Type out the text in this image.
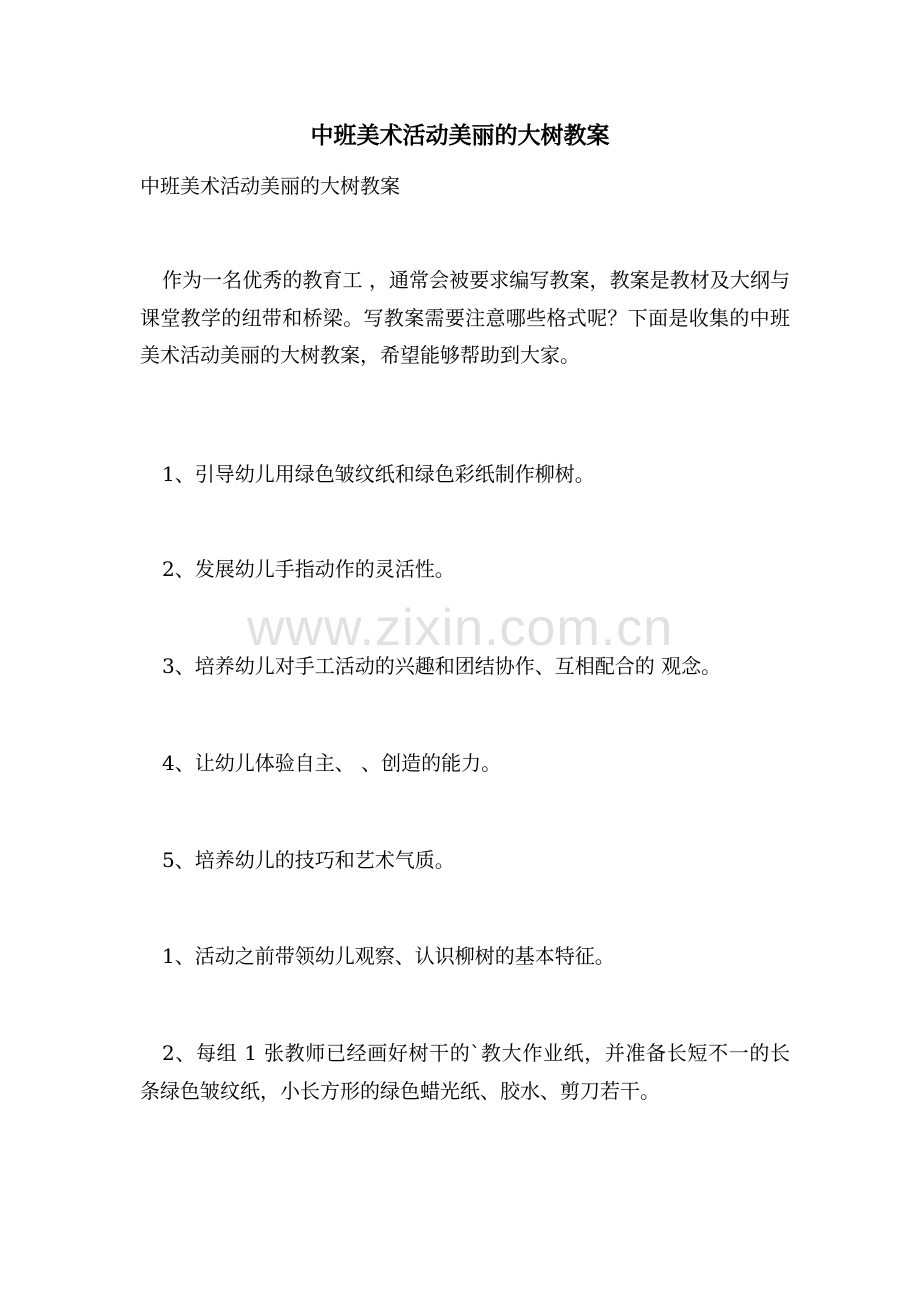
中班美术活动美丽的大树教案

中班美术活动美丽的大树教案

作为一名优秀的教育工 ，通常会被要求编写教案，教案是教材及大纲与课堂教学的纽带和桥梁。写教案需要注意哪些格式呢？下面是收集的中班美术活动美丽的大树教案，希望能够帮助到大家。

1、引导幼儿用绿色皱纹纸和绿色彩纸制作柳树。

2、发展幼儿手指动作的灵活性。

3、培养幼儿对手工活动的兴趣和团结协作、互相配合的 观念。

4、让幼儿体验自主、 、创造的能力。

5、培养幼儿的技巧和艺术气质。

1、活动之前带领幼儿观察、认识柳树的基本特征。

2、每组 1 张教师已经画好树干的`教大作业纸，并准备长短不一的长条绿色皱纹纸，小长方形的绿色蜡光纸、胶水、剪刀若干。

www.zixin.com.cn
